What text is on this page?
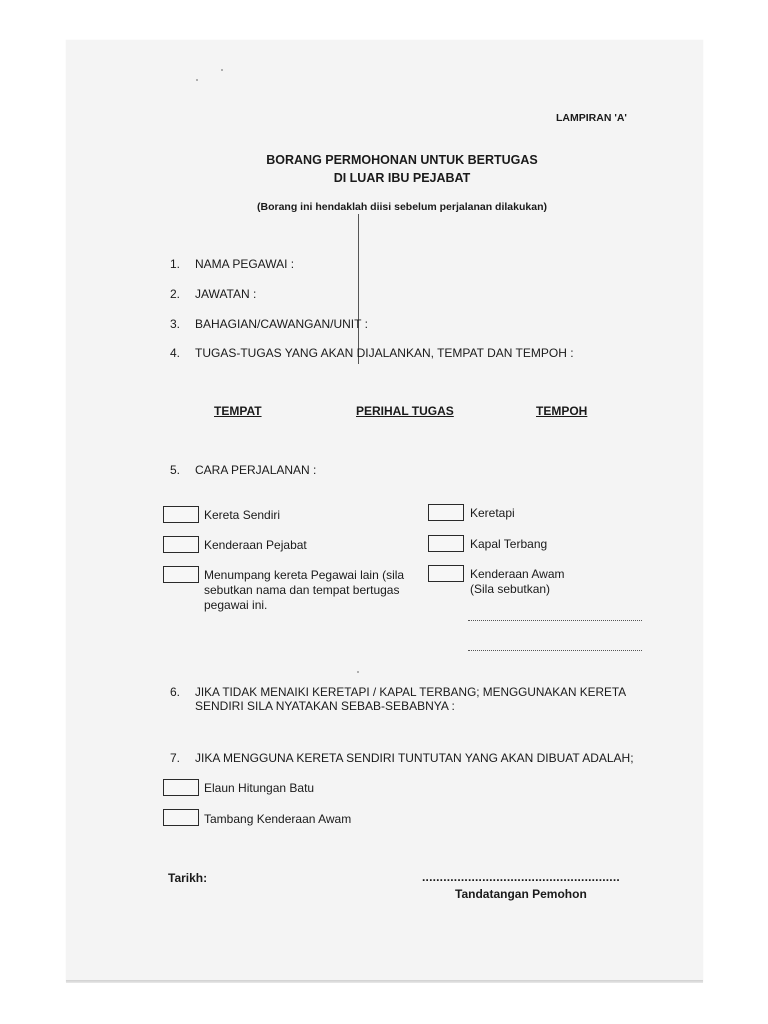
LAMPIRAN 'A'
BORANG PERMOHONAN UNTUK BERTUGAS
DI LUAR IBU PEJABAT
(Borang ini hendaklah diisi sebelum perjalanan dilakukan)
1. NAMA PEGAWAI :
2. JAWATAN :
3. BAHAGIAN/CAWANGAN/UNIT :
4. TUGAS-TUGAS YANG AKAN DIJALANKAN, TEMPAT DAN TEMPOH :
TEMPAT	PERIHAL TUGAS	TEMPOH
5. CARA PERJALANAN :
Kereta Sendiri
Kenderaan Pejabat
Menumpang kereta Pegawai lain (sila
sebutkan nama dan tempat bertugas
pegawai ini.
Keretapi
Kapal Terbang
Kenderaan Awam
(Sila sebutkan)
6. JIKA TIDAK MENAIKI KERETAPI / KAPAL TERBANG; MENGGUNAKAN KERETA
SENDIRI SILA NYATAKAN SEBAB-SEBABNYA :
7. JIKA MENGGUNA KERETA SENDIRI TUNTUTAN YANG AKAN DIBUAT ADALAH;
Elaun Hitungan Batu
Tambang Kenderaan Awam
Tarikh:	........................................................
Tandatangan Pemohon
